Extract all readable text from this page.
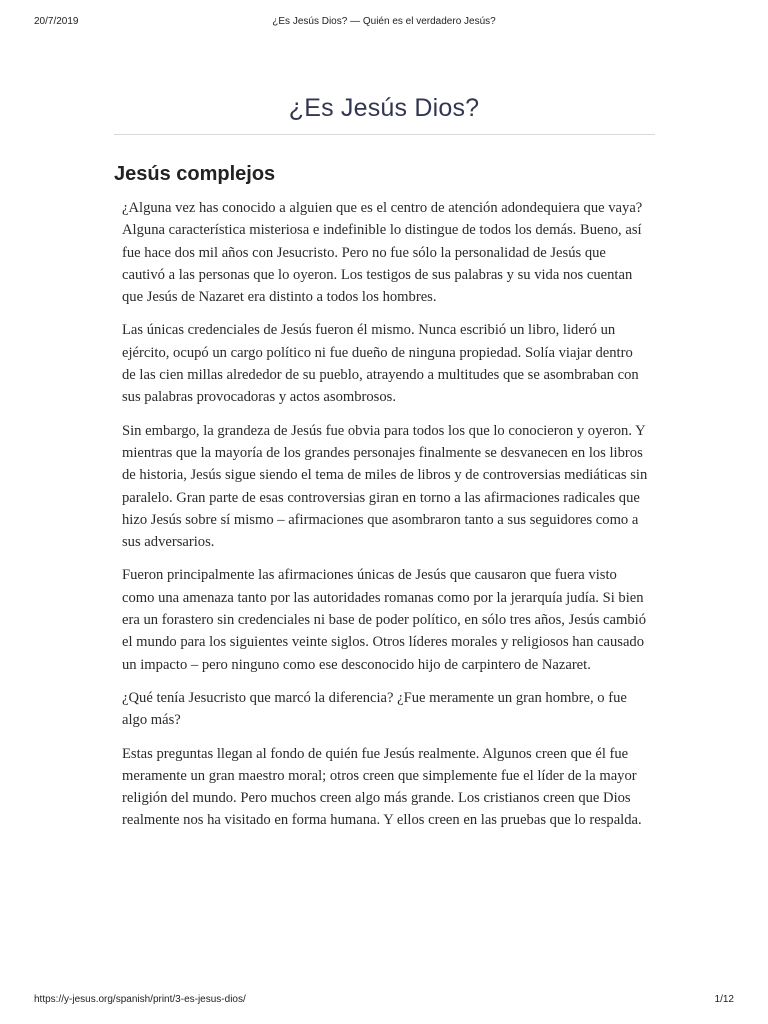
20/7/2019	¿Es Jesús Dios? — Quién es el verdadero Jesús?
¿Es Jesús Dios?
Jesús complejos

¿Alguna vez has conocido a alguien que es el centro de atención adondequiera que vaya? Alguna característica misteriosa e indefinible lo distingue de todos los demás. Bueno, así fue hace dos mil años con Jesucristo. Pero no fue sólo la personalidad de Jesús que cautivó a las personas que lo oyeron. Los testigos de sus palabras y su vida nos cuentan que Jesús de Nazaret era distinto a todos los hombres.

Las únicas credenciales de Jesús fueron él mismo. Nunca escribió un libro, lideró un ejército, ocupó un cargo político ni fue dueño de ninguna propiedad. Solía viajar dentro de las cien millas alrededor de su pueblo, atrayendo a multitudes que se asombraban con sus palabras provocadoras y actos asombrosos.

Sin embargo, la grandeza de Jesús fue obvia para todos los que lo conocieron y oyeron. Y mientras que la mayoría de los grandes personajes finalmente se desvanecen en los libros de historia, Jesús sigue siendo el tema de miles de libros y de controversias mediáticas sin paralelo. Gran parte de esas controversias giran en torno a las afirmaciones radicales que hizo Jesús sobre sí mismo – afirmaciones que asombraron tanto a sus seguidores como a sus adversarios.

Fueron principalmente las afirmaciones únicas de Jesús que causaron que fuera visto como una amenaza tanto por las autoridades romanas como por la jerarquía judía. Si bien era un forastero sin credenciales ni base de poder político, en sólo tres años, Jesús cambió el mundo para los siguientes veinte siglos. Otros líderes morales y religiosos han causado un impacto – pero ninguno como ese desconocido hijo de carpintero de Nazaret.

¿Qué tenía Jesucristo que marcó la diferencia? ¿Fue meramente un gran hombre, o fue algo más?

Estas preguntas llegan al fondo de quién fue Jesús realmente. Algunos creen que él fue meramente un gran maestro moral; otros creen que simplemente fue el líder de la mayor religión del mundo. Pero muchos creen algo más grande. Los cristianos creen que Dios realmente nos ha visitado en forma humana. Y ellos creen en las pruebas que lo respalda.

https://y-jesus.org/spanish/print/3-es-jesus-dios/	1/12
